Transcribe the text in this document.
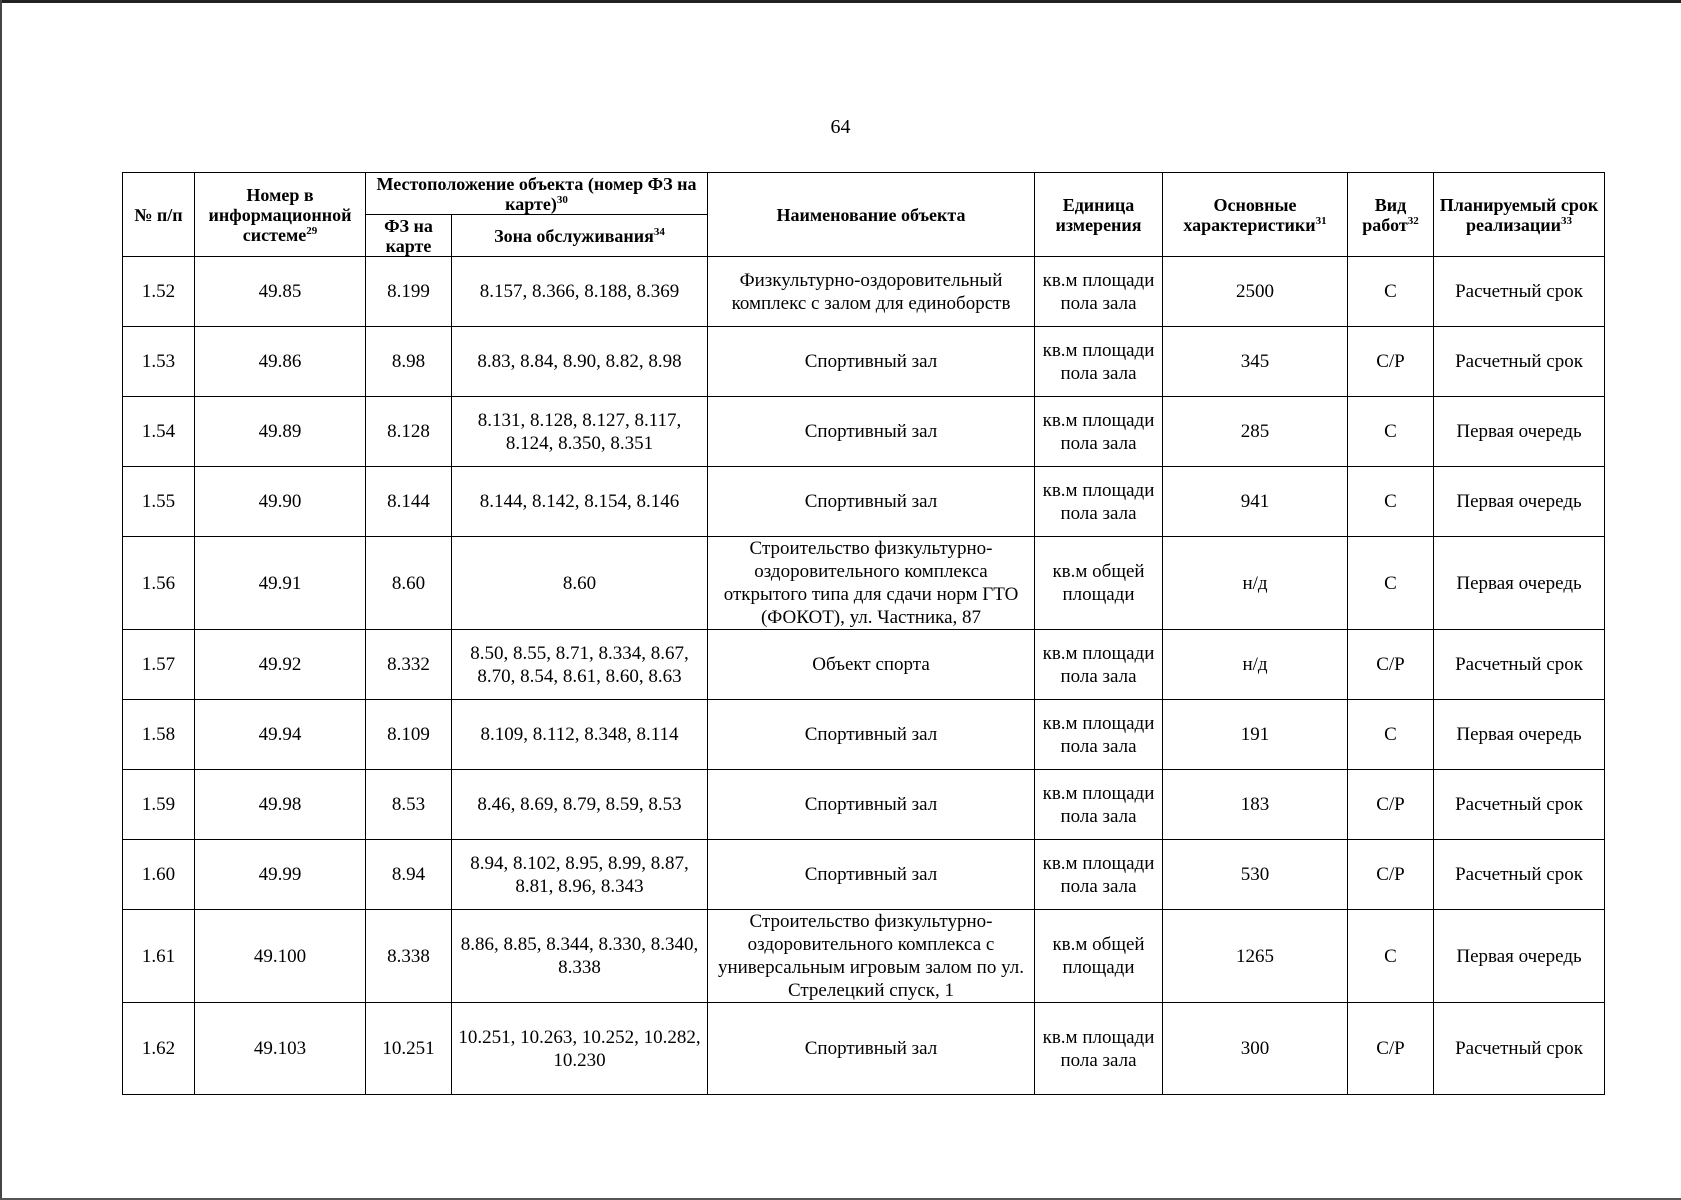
64
№ п/п	Номер в информационной системе$^{29}$	Местоположение объекта (номер ФЗ на карте)$^{30}$		Наименование объекта	Единица измерения	Основные характеристики$^{31}$	Вид работ$^{32}$	Планируемый срок реализации$^{33}$
		ФЗ на карте	Зона обслуживания$^{34}$
1.52	49.85	8.199	8.157, 8.366, 8.188, 8.369	Физкультурно-оздоровительный комплекс с залом для единоборств	кв.м площади пола зала	2500	С	Расчетный срок
1.53	49.86	8.98	8.83, 8.84, 8.90, 8.82, 8.98	Спортивный зал	кв.м площади пола зала	345	С/Р	Расчетный срок
1.54	49.89	8.128	8.131, 8.128, 8.127, 8.117, 8.124, 8.350, 8.351	Спортивный зал	кв.м площади пола зала	285	С	Первая очередь
1.55	49.90	8.144	8.144, 8.142, 8.154, 8.146	Спортивный зал	кв.м площади пола зала	941	С	Первая очередь
1.56	49.91	8.60	8.60	Строительство физкультурно-оздоровительного комплекса открытого типа для сдачи норм ГТО (ФОКОТ), ул. Частника, 87	кв.м общей площади	н/д	С	Первая очередь
1.57	49.92	8.332	8.50, 8.55, 8.71, 8.334, 8.67, 8.70, 8.54, 8.61, 8.60, 8.63	Объект спорта	кв.м площади пола зала	н/д	С/Р	Расчетный срок
1.58	49.94	8.109	8.109, 8.112, 8.348, 8.114	Спортивный зал	кв.м площади пола зала	191	С	Первая очередь
1.59	49.98	8.53	8.46, 8.69, 8.79, 8.59, 8.53	Спортивный зал	кв.м площади пола зала	183	С/Р	Расчетный срок
1.60	49.99	8.94	8.94, 8.102, 8.95, 8.99, 8.87, 8.81, 8.96, 8.343	Спортивный зал	кв.м площади пола зала	530	С/Р	Расчетный срок
1.61	49.100	8.338	8.86, 8.85, 8.344, 8.330, 8.340, 8.338	Строительство физкультурно-оздоровительного комплекса с универсальным игровым залом по ул. Стрелецкий спуск, 1	кв.м общей площади	1265	С	Первая очередь
1.62	49.103	10.251	10.251, 10.263, 10.252, 10.282, 10.230	Спортивный зал	кв.м площади пола зала	300	С/Р	Расчетный срок
